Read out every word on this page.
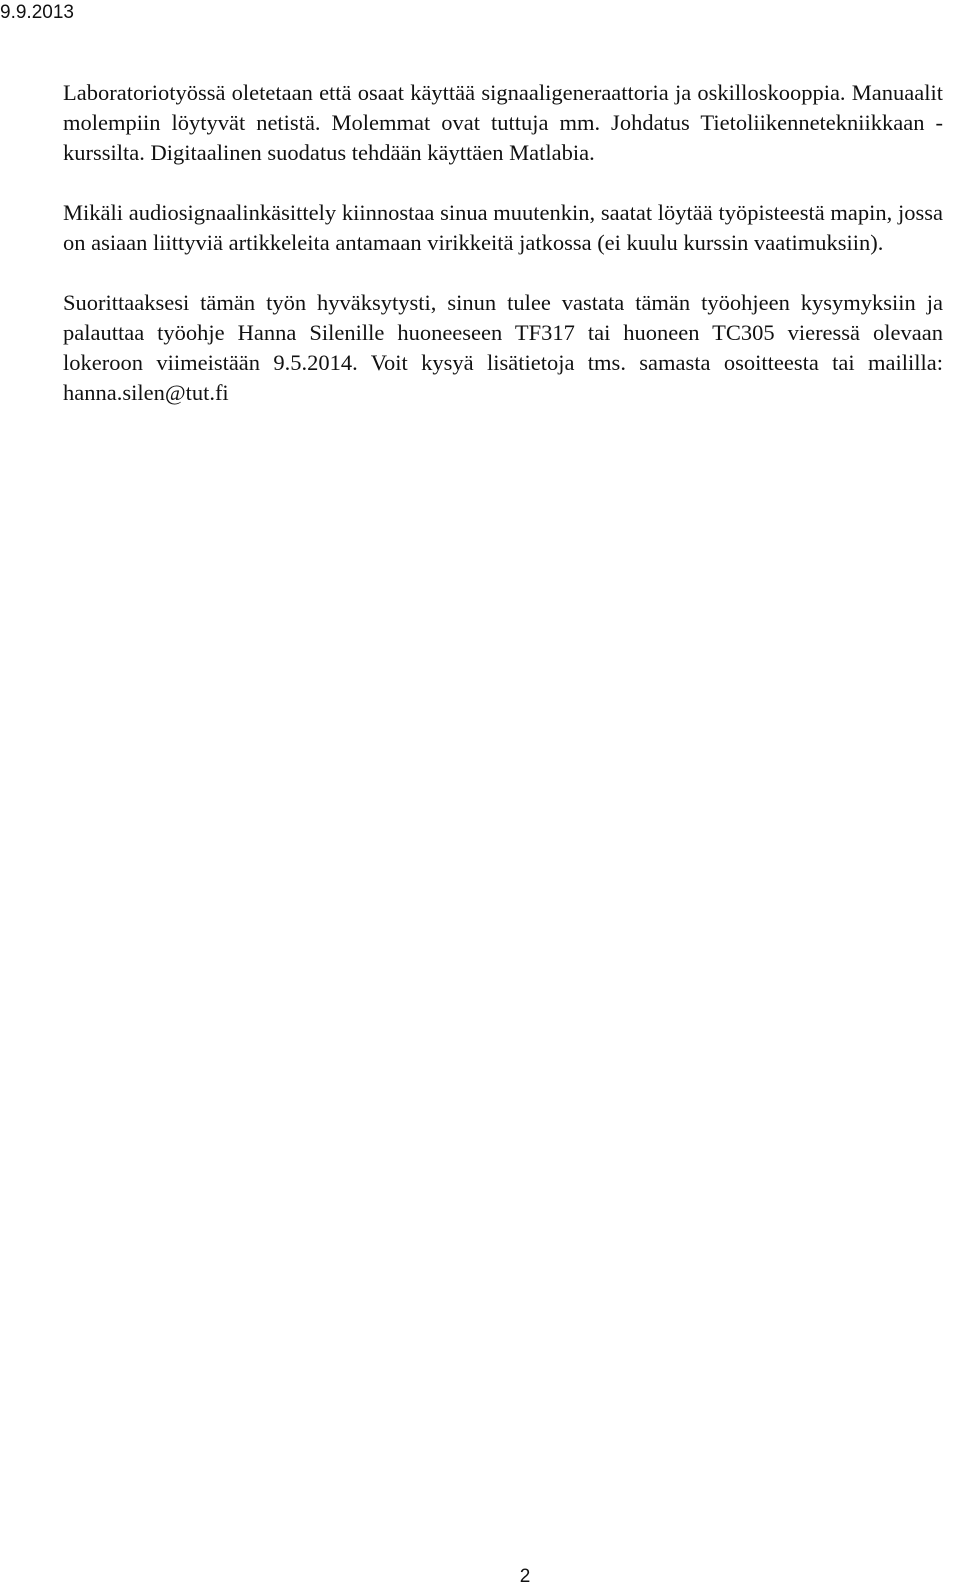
9.9.2013

Laboratoriotyössä oletetaan että osaat käyttää signaaligeneraattoria ja oskilloskooppia. Manuaalit molempiin löytyvät netistä. Molemmat ovat tuttuja mm. Johdatus Tietoliikennetekniikkaan -kurssilta. Digitaalinen suodatus tehdään käyttäen Matlabia.

Mikäli audiosignaalinkäsittely kiinnostaa sinua muutenkin, saatat löytää työpisteestä mapin, jossa on asiaan liittyviä artikkeleita antamaan virikkeitä jatkossa (ei kuulu kurssin vaatimuksiin).

Suorittaaksesi tämän työn hyväksytysti, sinun tulee vastata tämän työohjeen kysymyksiin ja palauttaa työohje Hanna Silenille huoneeseen TF317 tai huoneen TC305 vieressä olevaan lokeroon viimeistään 9.5.2014. Voit kysyä lisätietoja tms. samasta osoitteesta tai maililla: hanna.silen@tut.fi

2
